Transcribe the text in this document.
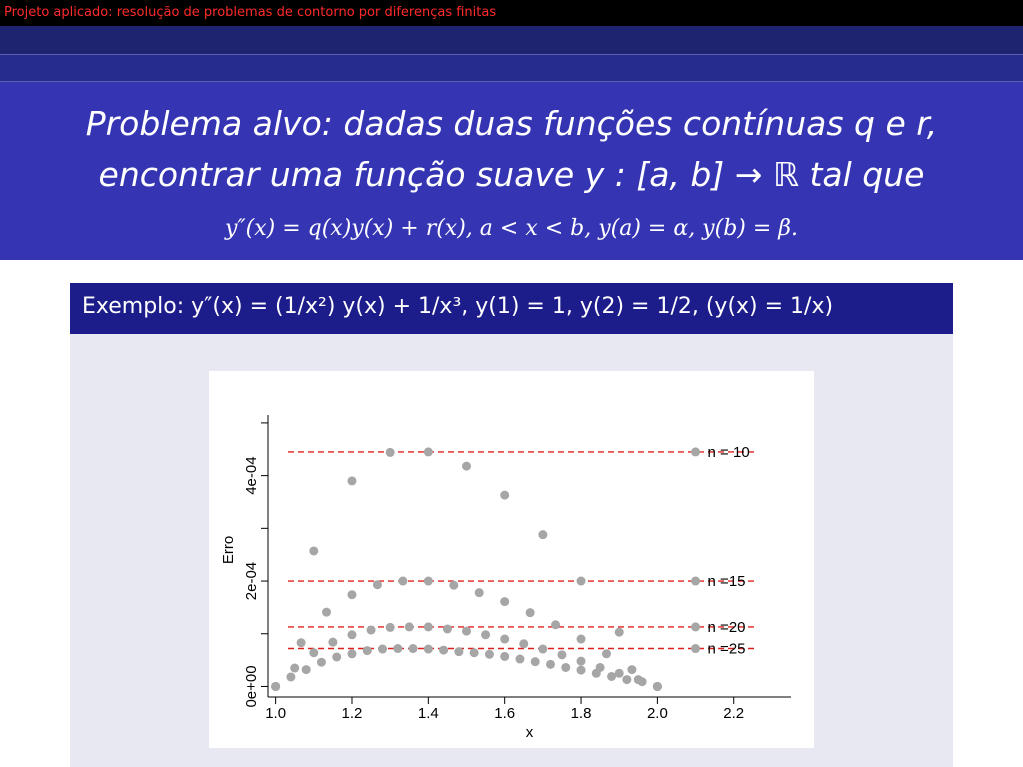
Projeto aplicado: resolução de problemas de contorno por diferenças finitas
Problema alvo: dadas duas funções contínuas q e r,
encontrar uma função suave y : [a, b] → ℝ tal que
y″(x) = q(x)y(x) + r(x), a < x < b, y(a) = α, y(b) = β.
Exemplo: y″(x) = (1/x²) y(x) + 1/x³, y(1) = 1, y(2) = 1/2, (y(x) = 1/x)
1.0	1.2	1.4	1.6	1.8	2.0	2.2
0e+00
2e-04
4e-04
x
Erro
n = 10
n =15
n =20
n =25
